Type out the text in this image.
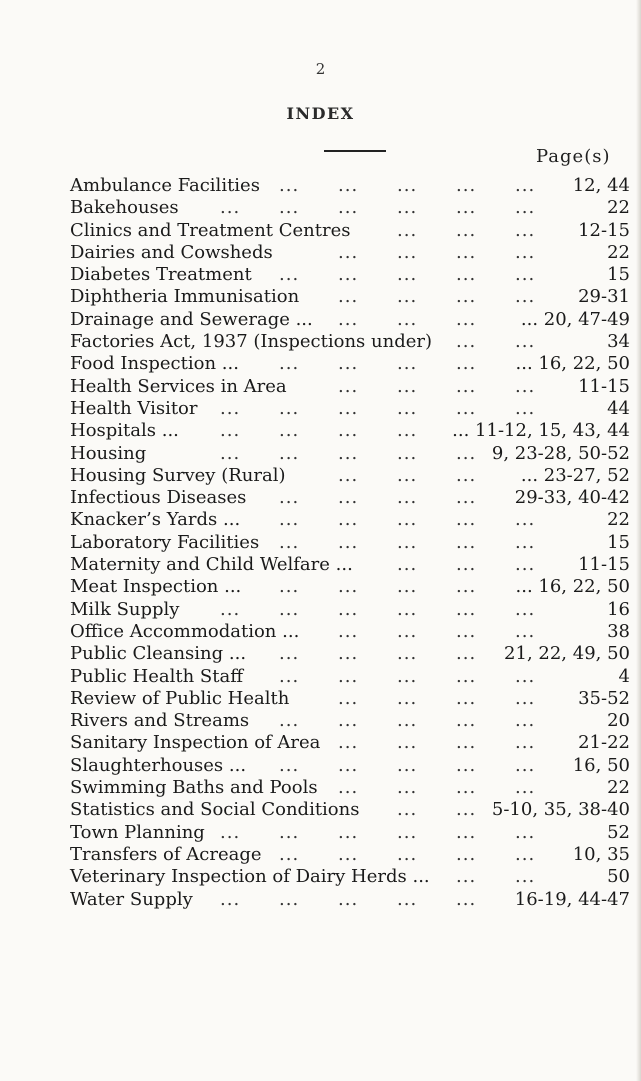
2
INDEX
Page(s)
Ambulance Facilities	12, 44
... ... ... ... ...
Bakehouses	22
... ... ... ... ... ...
Clinics and Treatment Centres	12-15
... ... ...
Dairies and Cowsheds	22
... ... ... ...
Diabetes Treatment	15
... ... ... ... ...
Diphtheria Immunisation	29-31
... ... ... ...
Drainage and Sewerage ...	... 20, 47-49
... ... ...
Factories Act, 1937 (Inspections under)	34
... ...
Food Inspection ...	... 16, 22, 50
... ... ... ...
Health Services in Area	11-15
... ... ... ...
Health Visitor	44
... ... ... ... ... ...
Hospitals ...	... 11-12, 15, 43, 44
... ... ... ...
Housing	9, 23-28, 50-52
... ... ... ... ...
Housing Survey (Rural)	... 23-27, 52
... ... ...
Infectious Diseases	29-33, 40-42
... ... ... ...
Knacker’s Yards ...	22
... ... ... ... ...
Laboratory Facilities	15
... ... ... ... ...
Maternity and Child Welfare ...	11-15
... ... ...
Meat Inspection ...	... 16, 22, 50
... ... ... ...
Milk Supply	16
... ... ... ... ... ...
Office Accommodation ...	38
... ... ... ...
Public Cleansing ...	21, 22, 49, 50
... ... ... ...
Public Health Staff	4
... ... ... ... ...
Review of Public Health	35-52
... ... ... ...
Rivers and Streams	20
... ... ... ... ...
Sanitary Inspection of Area	21-22
... ... ... ...
Slaughterhouses ...	16, 50
... ... ... ... ...
Swimming Baths and Pools	22
... ... ... ...
Statistics and Social Conditions	5-10, 35, 38-40
... ...
Town Planning	52
... ... ... ... ... ...
Transfers of Acreage	10, 35
... ... ... ... ...
Veterinary Inspection of Dairy Herds ...	50
... ...
Water Supply	16-19, 44-47
... ... ... ... ...
